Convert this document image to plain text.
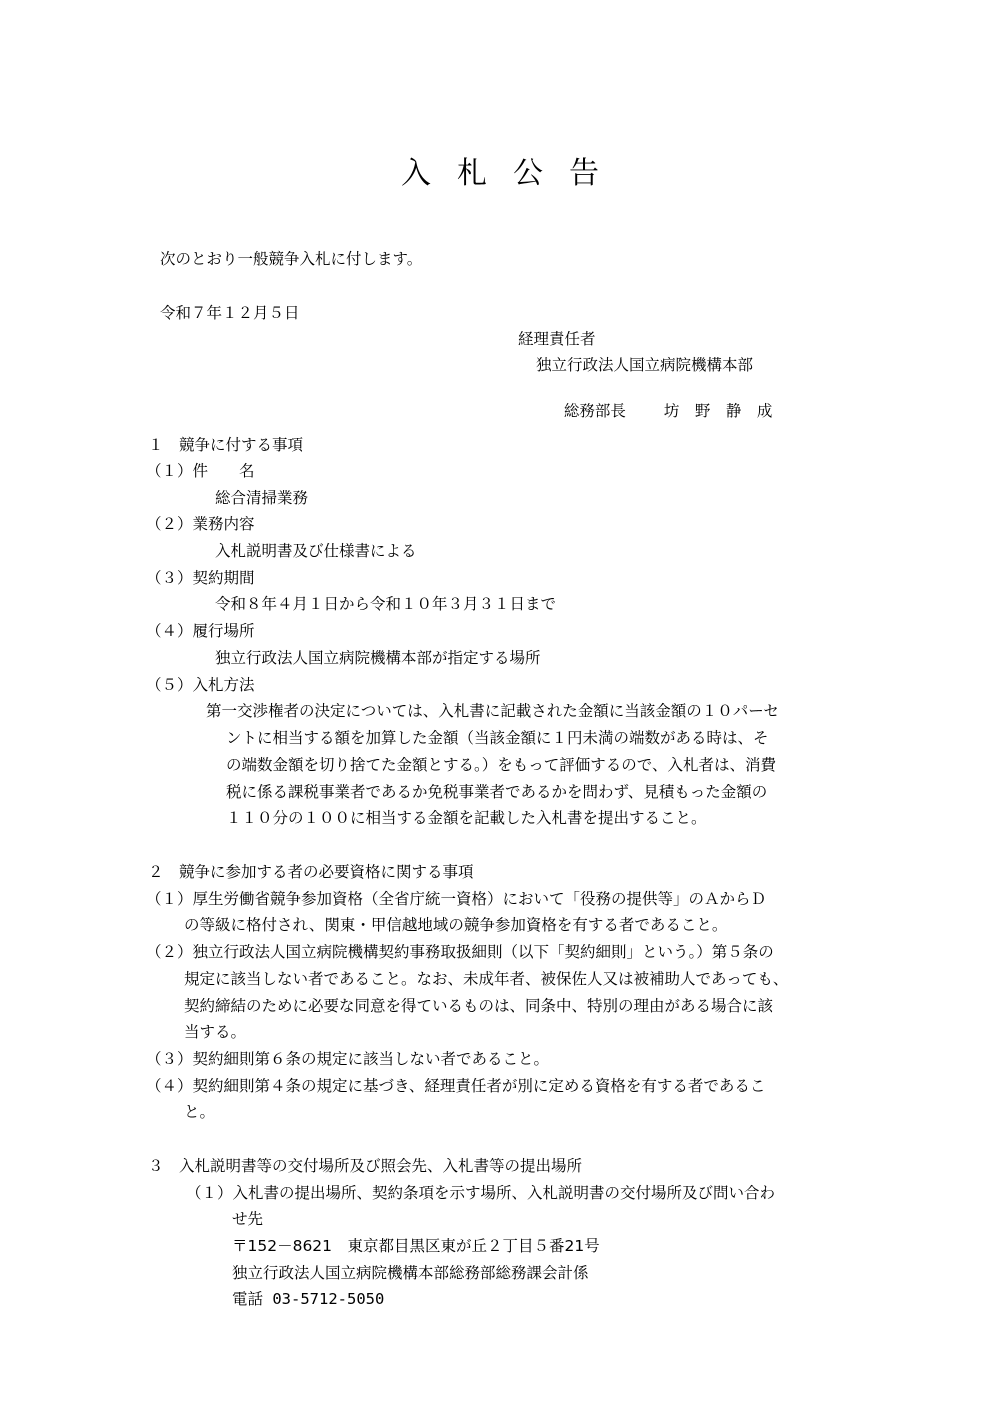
入札公告
次のとおり一般競争入札に付します。
令和７年１２月５日
経理責任者
独立行政法人国立病院機構本部

総務部長 坊　野　静　成

１　競争に付する事項
（１）件　　名
総合清掃業務
（２）業務内容
入札説明書及び仕様書による
（３）契約期間
令和８年４月１日から令和１０年３月３１日まで
（４）履行場所
独立行政法人国立病院機構本部が指定する場所
（５）入札方法
第一交渉権者の決定については、入札書に記載された金額に当該金額の１０パーセ
ントに相当する額を加算した金額（当該金額に１円未満の端数がある時は、そ
の端数金額を切り捨てた金額とする。）をもって評価するので、入札者は、消費
税に係る課税事業者であるか免税事業者であるかを問わず、見積もった金額の
１１０分の１００に相当する金額を記載した入札書を提出すること。
２　競争に参加する者の必要資格に関する事項
（１）厚生労働省競争参加資格（全省庁統一資格）において「役務の提供等」のＡからＤ
の等級に格付され、関東・甲信越地域の競争参加資格を有する者であること。
（２）独立行政法人国立病院機構契約事務取扱細則（以下「契約細則」という。）第５条の
規定に該当しない者であること。なお、未成年者、被保佐人又は被補助人であっても、
契約締結のために必要な同意を得ているものは、同条中、特別の理由がある場合に該
当する。
（３）契約細則第６条の規定に該当しない者であること。
（４）契約細則第４条の規定に基づき、経理責任者が別に定める資格を有する者であるこ
と。
３　入札説明書等の交付場所及び照会先、入札書等の提出場所
（１）入札書の提出場所、契約条項を示す場所、入札説明書の交付場所及び問い合わ
せ先
〒152－8621　東京都目黒区東が丘２丁目５番21号
独立行政法人国立病院機構本部総務部総務課会計係
電話 03-5712-5050
